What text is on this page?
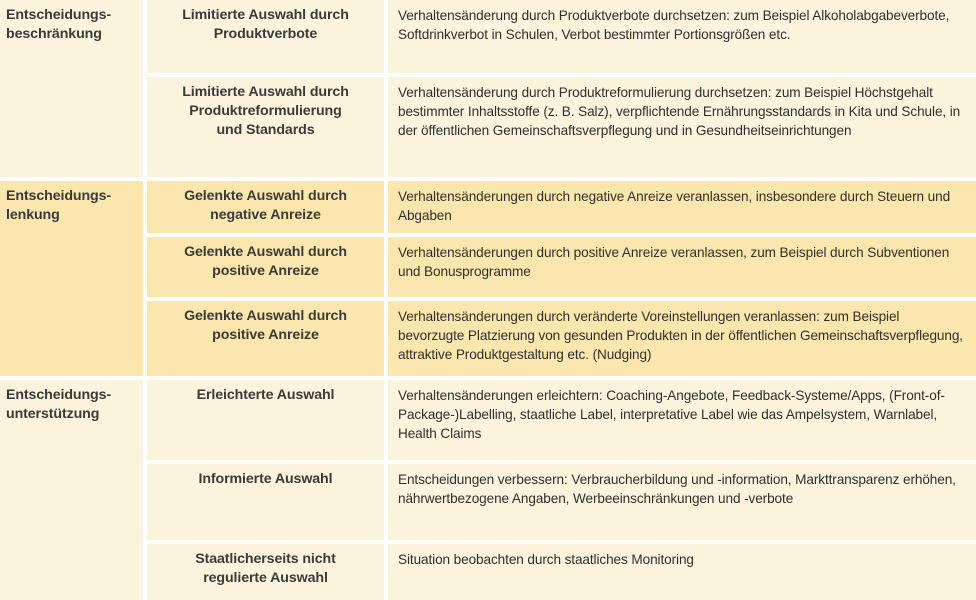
Entscheidungs-
beschränkung
Entscheidungs-
lenkung
Entscheidungs-
unterstützung
Limitierte Auswahl durch
Produktverbote
Verhaltensänderung durch Produktverbote durchsetzen: zum Beispiel Alkoholabgabeverbote, Softdrinkverbot in Schulen, Verbot bestimmter Portionsgrößen etc.
Limitierte Auswahl durch
Produktreformulierung
und Standards
Verhaltensänderung durch Produktreformulierung durchsetzen: zum Beispiel Höchstgehalt bestimmter Inhaltsstoffe (z. B. Salz), verpflichtende Ernährungsstandards in Kita und Schule, in der öffentlichen Gemeinschaftsverpflegung und in Gesundheitseinrichtungen
Gelenkte Auswahl durch
negative Anreize
Verhaltensänderungen durch negative Anreize veranlassen, insbesondere durch Steuern und Abgaben
Gelenkte Auswahl durch
positive Anreize
Verhaltensänderungen durch positive Anreize veranlassen, zum Beispiel durch Subventionen und Bonusprogramme
Gelenkte Auswahl durch
positive Anreize
Verhaltensänderungen durch veränderte Voreinstellungen veranlassen: zum Beispiel bevorzugte Platzierung von gesunden Produkten in der öffentlichen Gemeinschaftsverpflegung, attraktive Produktgestaltung etc. (Nudging)
Erleichterte Auswahl	Verhaltensänderungen erleichtern: Coaching-Angebote, Feedback-Systeme/Apps, (Front-of-Package-)Labelling, staatliche Label, interpretative Label wie das Ampelsystem, Warnlabel, Health Claims
Informierte Auswahl	Entscheidungen verbessern: Verbraucherbildung und -information, Markttransparenz erhöhen, nährwertbezogene Angaben, Werbeeinschränkungen und -verbote
Staatlicherseits nicht
regulierte Auswahl
Situation beobachten durch staatliches Monitoring
